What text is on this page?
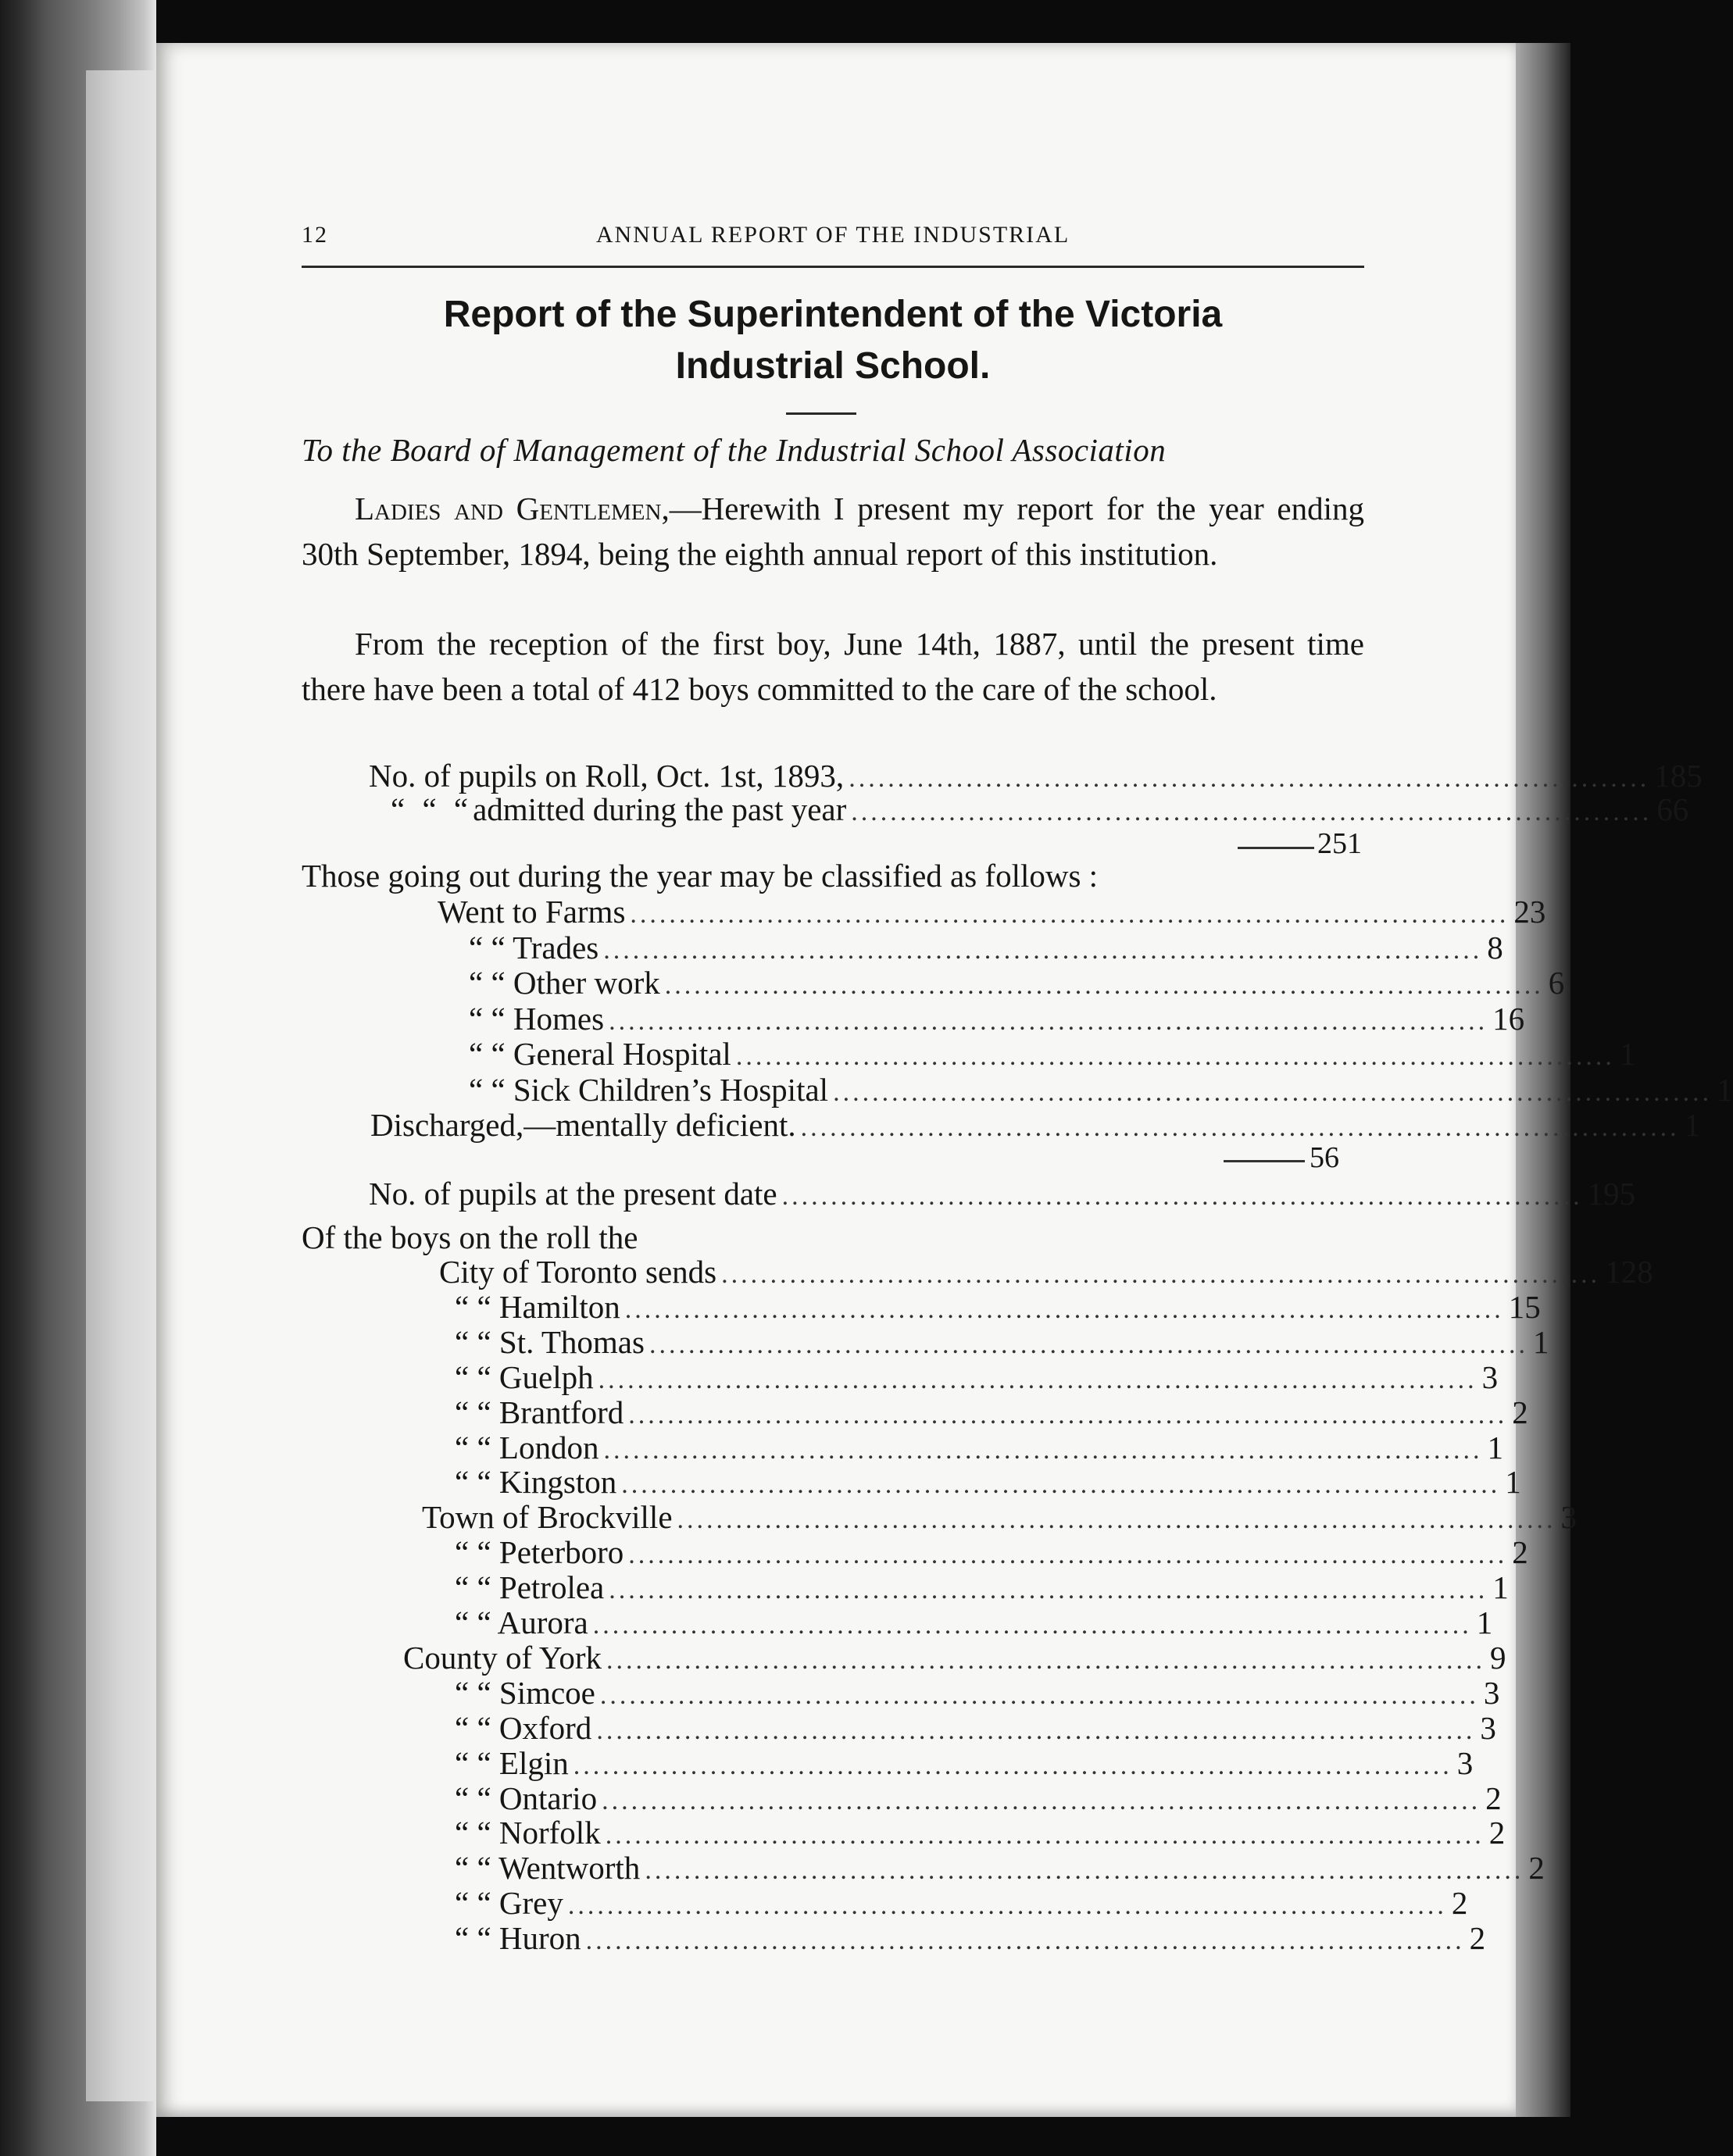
12	ANNUAL REPORT OF THE INDUSTRIAL
Report of the Superintendent of the Victoria
Industrial School.
To the Board of Management of the Industrial School Association
Ladies and Gentlemen,—Herewith I present my report for the year ending 30th September, 1894, being the eighth annual report of this institution.
From the reception of the first boy, June 14th, 1887, until the present time there have been a total of 412 boys committed to the care of the school.
No. of pupils on Roll, Oct. 1st, 1893, .................................................................................. 185
“ “ “ admitted during the past year .................................................................................. 66
251
Those going out during the year may be classified as follows :
Went to Farms .......................................................................................... 23
“ “ Trades .......................................................................................... 8
“ “ Other work .......................................................................................... 6
“ “ Homes .......................................................................................... 16
“ “ General Hospital .......................................................................................... 1
“ “ Sick Children’s Hospital .......................................................................................... 1
Discharged,—mentally deficient. .......................................................................................... 1
56
No. of pupils at the present date .................................................................................. 195
Of the boys on the roll the
City of Toronto sends .......................................................................................... 128
“ “ Hamilton .......................................................................................... 15
“ “ St. Thomas .......................................................................................... 1
“ “ Guelph .......................................................................................... 3
“ “ Brantford .......................................................................................... 2
“ “ London .......................................................................................... 1
“ “ Kingston .......................................................................................... 1
Town of Brockville .......................................................................................... 3
“ “ Peterboro .......................................................................................... 2
“ “ Petrolea .......................................................................................... 1
“ “ Aurora .......................................................................................... 1
County of York .......................................................................................... 9
“ “ Simcoe .......................................................................................... 3
“ “ Oxford .......................................................................................... 3
“ “ Elgin .......................................................................................... 3
“ “ Ontario .......................................................................................... 2
“ “ Norfolk .......................................................................................... 2
“ “ Wentworth .......................................................................................... 2
“ “ Grey .......................................................................................... 2
“ “ Huron .......................................................................................... 2
